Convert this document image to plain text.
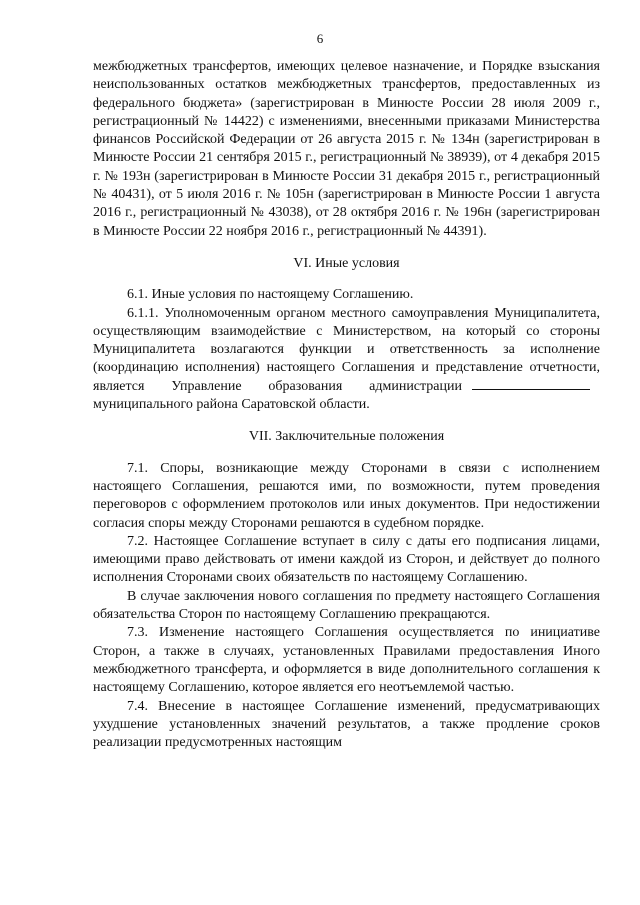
6

межбюджетных трансфертов, имеющих целевое назначение, и Порядке взыскания неиспользованных остатков межбюджетных трансфертов, предоставленных из федерального бюджета» (зарегистрирован в Минюсте России 28 июля 2009 г., регистрационный № 14422) с изменениями, внесенными приказами Министерства финансов Российской Федерации от 26 августа 2015 г. № 134н (зарегистрирован в Минюсте России 21 сентября 2015 г., регистрационный № 38939), от 4 декабря 2015 г. № 193н (зарегистрирован в Минюсте России 31 декабря 2015 г., регистрационный № 40431), от 5 июля 2016 г. № 105н (зарегистрирован в Минюсте России 1 августа 2016 г., регистрационный № 43038), от 28 октября 2016 г. № 196н (зарегистрирован в Минюсте России 22 ноября 2016 г., регистрационный № 44391).

VI. Иные условия

6.1. Иные условия по настоящему Соглашению.

6.1.1. Уполномоченным органом местного самоуправления Муниципалитета, осуществляющим взаимодействие с Министерством, на который со стороны Муниципалитета возлагаются функции и ответственность за исполнение (координацию исполнения) настоящего Соглашения и представление отчетности, является Управление образования администрациимуниципального района Саратовской области.

VII. Заключительные положения

7.1. Споры, возникающие между Сторонами в связи с исполнением настоящего Соглашения, решаются ими, по возможности, путем проведения переговоров с оформлением протоколов или иных документов. При недостижении согласия споры между Сторонами решаются в судебном порядке.

7.2. Настоящее Соглашение вступает в силу с даты его подписания лицами, имеющими право действовать от имени каждой из Сторон, и действует до полного исполнения Сторонами своих обязательств по настоящему Соглашению.

В случае заключения нового соглашения по предмету настоящего Соглашения обязательства Сторон по настоящему Соглашению прекращаются.

7.3. Изменение настоящего Соглашения осуществляется по инициативе Сторон, а также в случаях, установленных Правилами предоставления Иного межбюджетного трансферта, и оформляется в виде дополнительного соглашения к настоящему Соглашению, которое является его неотъемлемой частью.

7.4. Внесение в настоящее Соглашение изменений, предусматривающих ухудшение установленных значений результатов, а также продление сроков реализации предусмотренных настоящим
